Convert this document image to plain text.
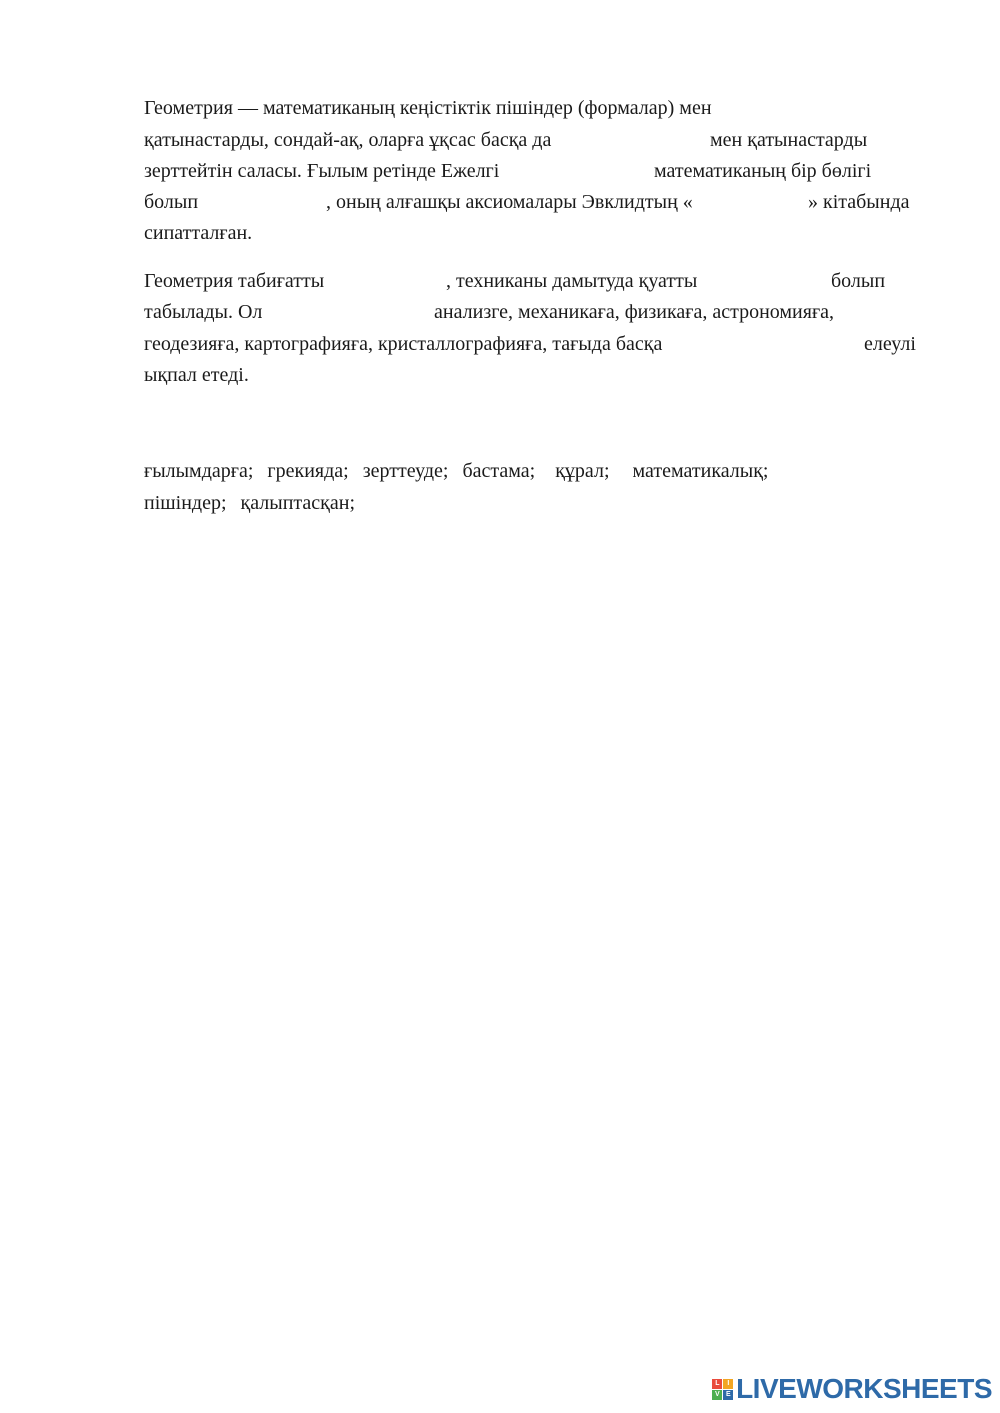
Геометрия — математиканың кеңістіктік пішіндер (формалар) мен
қатынастарды, сондай-ақ, оларға ұқсас басқа да	мен қатынастарды
зерттейтін саласы. Ғылым ретінде Ежелгі	математиканың бір бөлігі
болып	, оның алғашқы аксиомалары Эвклидтың «	» кітабында
сипатталған.
Геометрия табиғатты	, техниканы дамытуда қуатты	болып
табылады. Ол	анализге, механикаға, физикаға, астрономияға,
геодезияға, картографияға, кристаллографияға, тағыда басқа	елеулі
ықпал етеді.
ғылымдарға; грекияда; зерттеуде; бастама; құрал; математикалық;
пішіндер; қалыптасқан;
L	I
V E LIVEWORKSHEETS
